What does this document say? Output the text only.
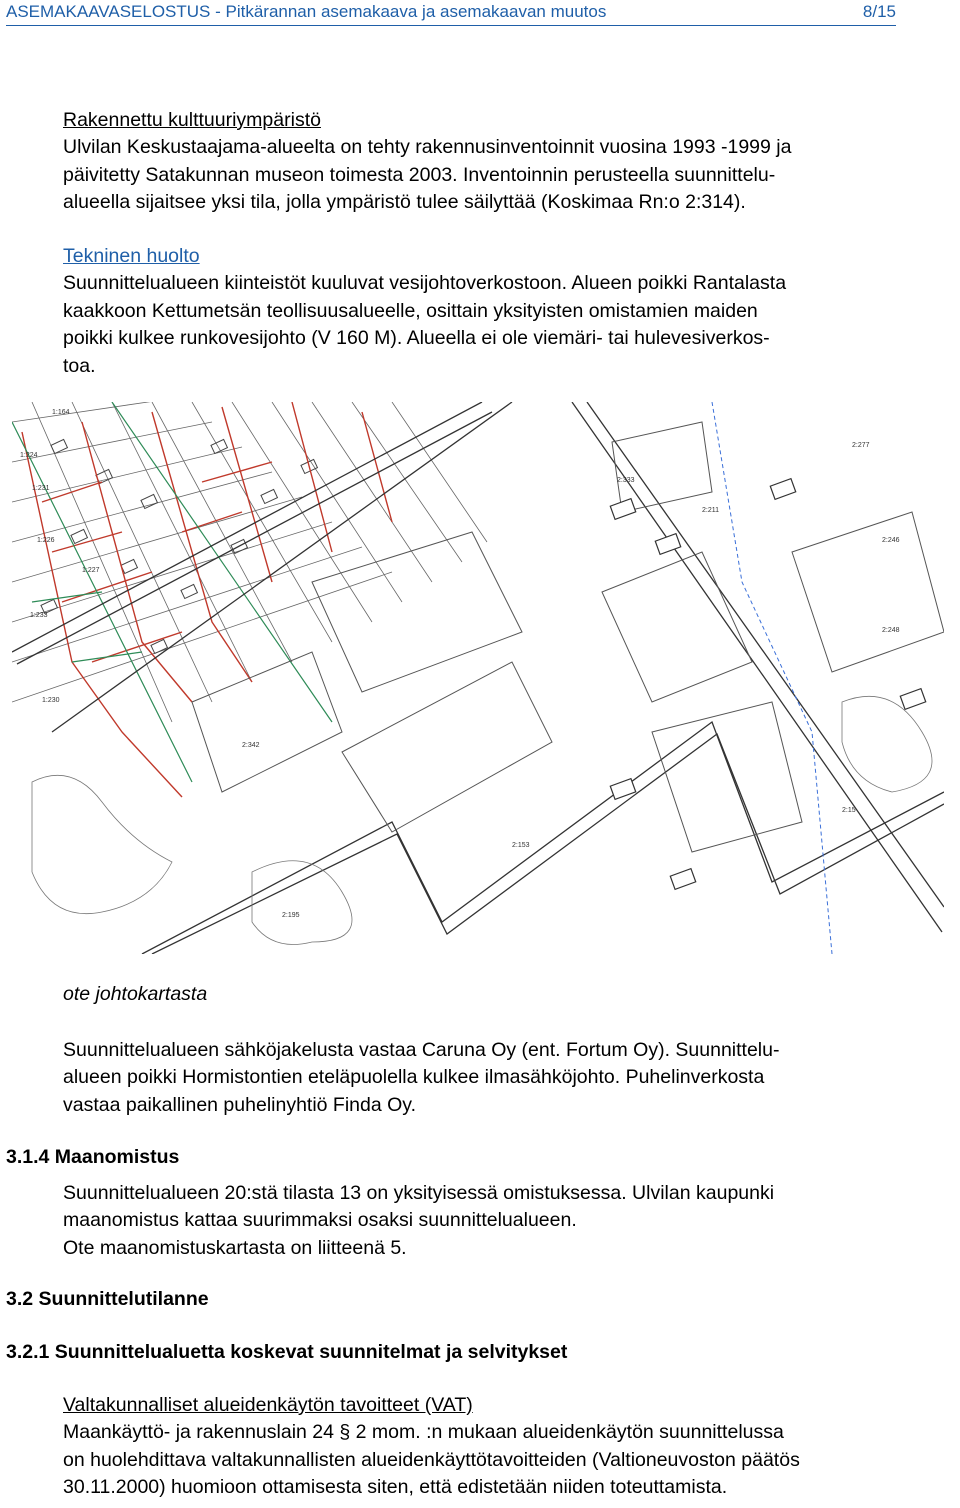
ASEMAKAAVASELOSTUS - Pitkärannan asemakaava ja asemakaavan muutos	8/15
Rakennettu kulttuuriympäristö
Ulvilan Keskustaajama-alueelta on tehty rakennusinventoinnit vuosina 1993 -1999 ja
päivitetty Satakunnan museon toimesta 2003. Inventoinnin perusteella suunnittelu-
alueella sijaitsee yksi tila, jolla ympäristö tulee säilyttää (Koskimaa Rn:o 2:314).
Tekninen huolto
Suunnittelualueen kiinteistöt kuuluvat vesijohtoverkostoon. Alueen poikki Rantalasta
kaakkoon Kettumetsän teollisuusalueelle, osittain yksityisten omistamien maiden
poikki kulkee runkovesijohto (V 160 M). Alueella ei ole viemäri- tai hulevesiverkos-
toa.
1:224
1:164
1:231
1:226
1:227
1:233
1:230
2:333
2:211
2:277
2:246
2:248
2:153
2:195
2:342
2:15
ote johtokartasta
Suunnittelualueen sähköjakelusta vastaa Caruna Oy (ent. Fortum Oy). Suunnittelu-
alueen poikki Hormistontien eteläpuolella kulkee ilmasähköjohto. Puhelinverkosta
vastaa paikallinen puhelinyhtiö Finda Oy.
3.1.4 Maanomistus
Suunnittelualueen 20:stä tilasta 13 on yksityisessä omistuksessa. Ulvilan kaupunki
maanomistus kattaa suurimmaksi osaksi suunnittelualueen.
Ote maanomistuskartasta on liitteenä 5.
3.2 Suunnittelutilanne
3.2.1 Suunnittelualuetta koskevat suunnitelmat ja selvitykset
Valtakunnalliset alueidenkäytön tavoitteet (VAT)
Maankäyttö- ja rakennuslain 24 § 2 mom. :n mukaan alueidenkäytön suunnittelussa
on huolehdittava valtakunnallisten alueidenkäyttötavoitteiden (Valtioneuvoston päätös
30.11.2000) huomioon ottamisesta siten, että edistetään niiden toteuttamista.
